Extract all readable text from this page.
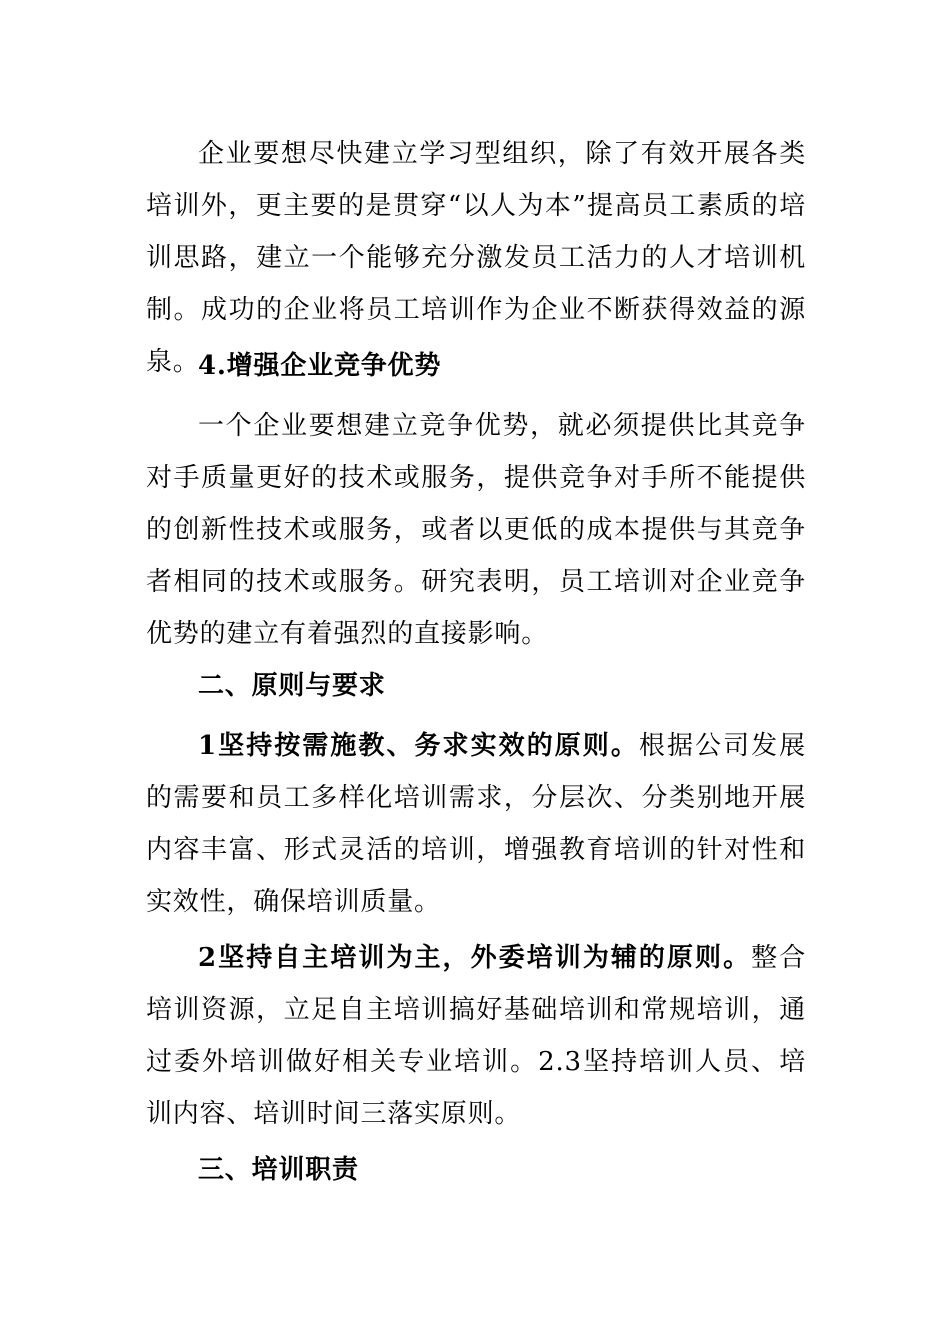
企业要想尽快建立学习型组织，除了有效开展各类培训外，更主要的是贯穿“以人为本”提高员工素质的培训思路，建立一个能够充分激发员工活力的人才培训机制。成功的企业将员工培训作为企业不断获得效益的源泉。

4.增强企业竞争优势

一个企业要想建立竞争优势，就必须提供比其竞争对手质量更好的技术或服务，提供竞争对手所不能提供的创新性技术或服务，或者以更低的成本提供与其竞争者相同的技术或服务。研究表明，员工培训对企业竞争优势的建立有着强烈的直接影响。

二、原则与要求

1坚持按需施教、务求实效的原则。根据公司发展的需要和员工多样化培训需求，分层次、分类别地开展内容丰富、形式灵活的培训，增强教育培训的针对性和实效性，确保培训质量。

2坚持自主培训为主，外委培训为辅的原则。整合培训资源，立足自主培训搞好基础培训和常规培训，通过委外培训做好相关专业培训。2.3坚持培训人员、培训内容、培训时间三落实原则。

三、培训职责
